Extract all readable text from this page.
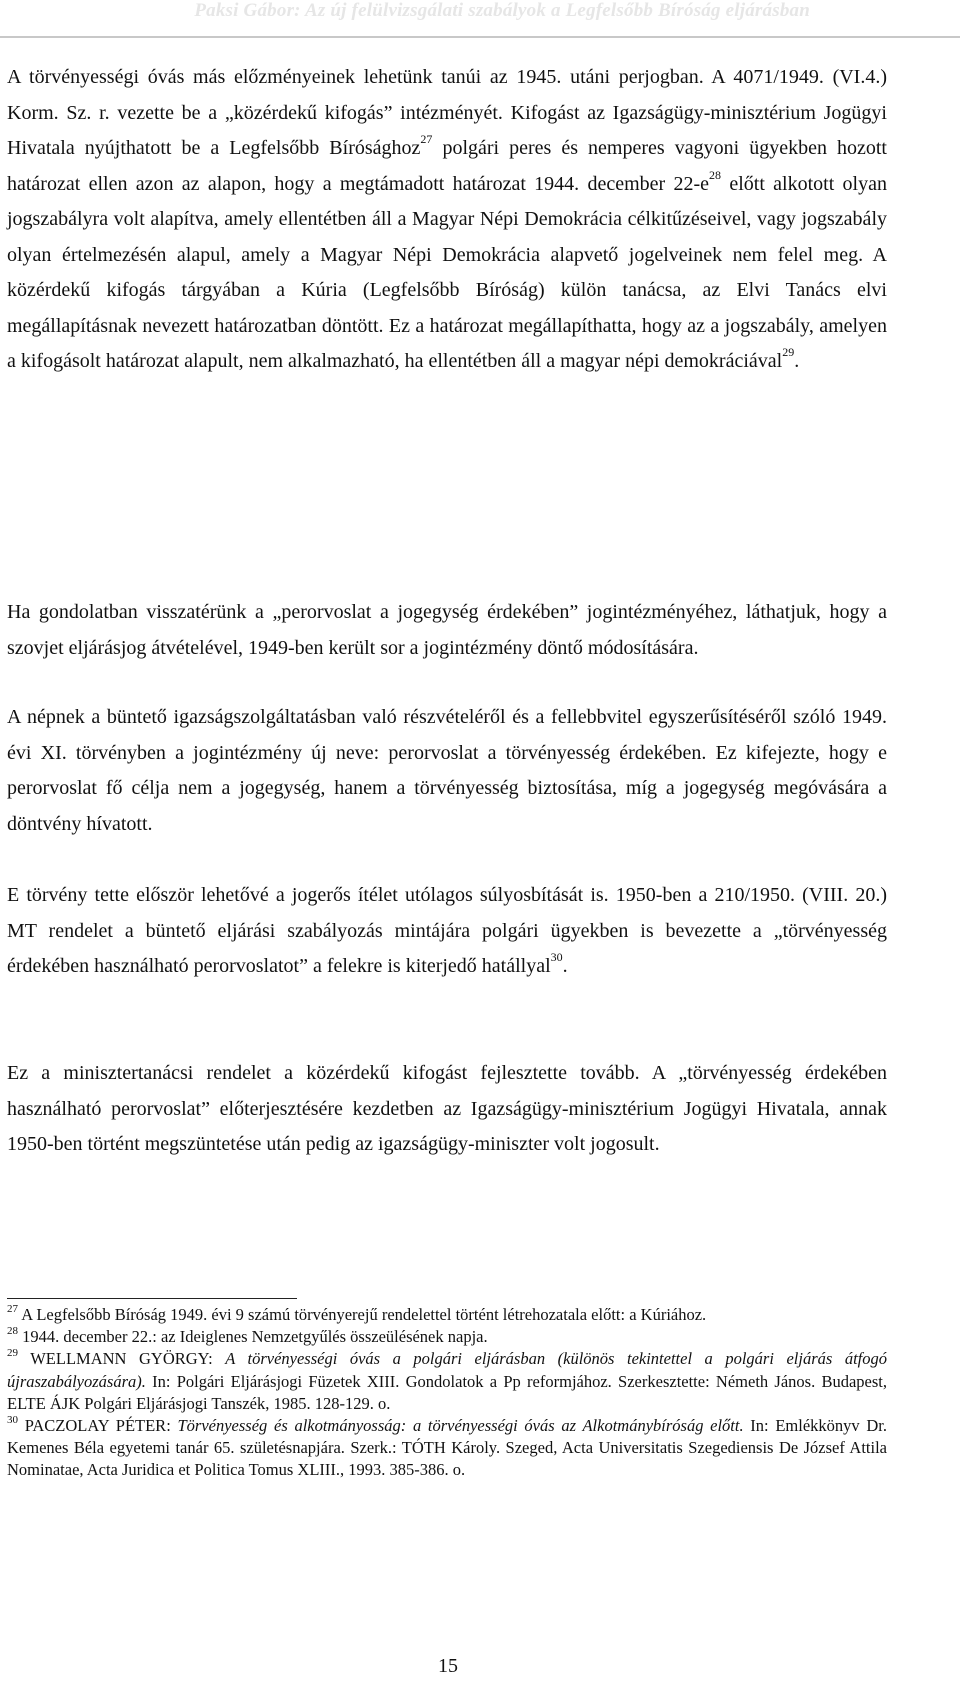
Paksi Gábor: Az új felülvizsgálati szabályok a Legfelsőbb Bíróság eljárásban

A törvényességi óvás más előzményeinek lehetünk tanúi az 1945. utáni perjogban. A 4071/1949. (VI.4.) Korm. Sz. r. vezette be a „közérdekű kifogás” intézményét. Kifogást az Igazságügy-minisztérium Jogügyi Hivatala nyújthatott be a Legfelsőbb Bírósághoz$^{27}$ polgári peres és nemperes vagyoni ügyekben hozott határozat ellen azon az alapon, hogy a megtámadott határozat 1944. december $22-e^{28}$ előtt alkotott olyan jogszabályra volt alapítva, amely ellentétben áll a Magyar Népi Demokrácia célkitűzéseivel, vagy jogszabály olyan értelmezésén alapul, amely a Magyar Népi Demokrácia alapvető jogelveinek nem felel meg. A közérdekű kifogás tárgyában a Kúria (Legfelsőbb Bíróság) külön tanácsa, az Elvi Tanács elvi megállapításnak nevezett határozatban döntött. Ez a határozat megállapíthatta, hogy az a jogszabály, amelyen a kifogásolt határozat alapult, nem alkalmazható, ha ellentétben áll a magyar népi demokráciával$^{29}$.

Ha gondolatban visszatérünk a „perorvoslat a jogegység érdekében” jogintézményéhez, láthatjuk, hogy a szovjet eljárásjog átvételével, 1949-ben került sor a jogintézmény döntő módosítására.

A népnek a büntető igazságszolgáltatásban való részvételéről és a fellebbvitel egyszerűsítéséről szóló 1949. évi XI. törvényben a jogintézmény új neve: perorvoslat a törvényesség érdekében. Ez kifejezte, hogy e perorvoslat fő célja nem a jogegység, hanem a törvényesség biztosítása, míg a jogegység megóvására a döntvény hívatott.

E törvény tette először lehetővé a jogerős ítélet utólagos súlyosbítását is. 1950-ben a 210/1950. (VIII. 20.) MT rendelet a büntető eljárási szabályozás mintájára polgári ügyekben is bevezette a „törvényesség érdekében használható perorvoslatot” a felekre is kiterjedő hatállyal$^{30}$.

Ez a minisztertanácsi rendelet a közérdekű kifogást fejlesztette tovább. A „törvényesség érdekében használható perorvoslat” előterjesztésére kezdetben az Igazságügy-minisztérium Jogügyi Hivatala, annak 1950-ben történt megszüntetése után pedig az igazságügy-miniszter volt jogosult.

$^{27}$ A Legfelsőbb Bíróság 1949. évi 9 számú törvényerejű rendelettel történt létrehozatala előtt: a Kúriához.

$^{28}$ 1944. december 22.: az Ideiglenes Nemzetgyűlés összeülésének napja.

$^{29}$ WELLMANN GYÖRGY: A törvényességi óvás a polgári eljárásban (különös tekintettel a polgári eljárás átfogó újraszabályozására). In: Polgári Eljárásjogi Füzetek XIII. Gondolatok a Pp reformjához. Szerkesztette: Németh János. Budapest, ELTE ÁJK Polgári Eljárásjogi Tanszék, 1985. 128-129. o.

$^{30}$ PACZOLAY PÉTER: Törvényesség és alkotmányosság: a törvényességi óvás az Alkotmánybíróság előtt. In: Emlékkönyv Dr. Kemenes Béla egyetemi tanár 65. születésnapjára. Szerk.: TÓTH Károly. Szeged, Acta Universitatis Szegediensis De József Attila Nominatae, Acta Juridica et Politica Tomus XLIII., 1993. 385-386. o.

15
